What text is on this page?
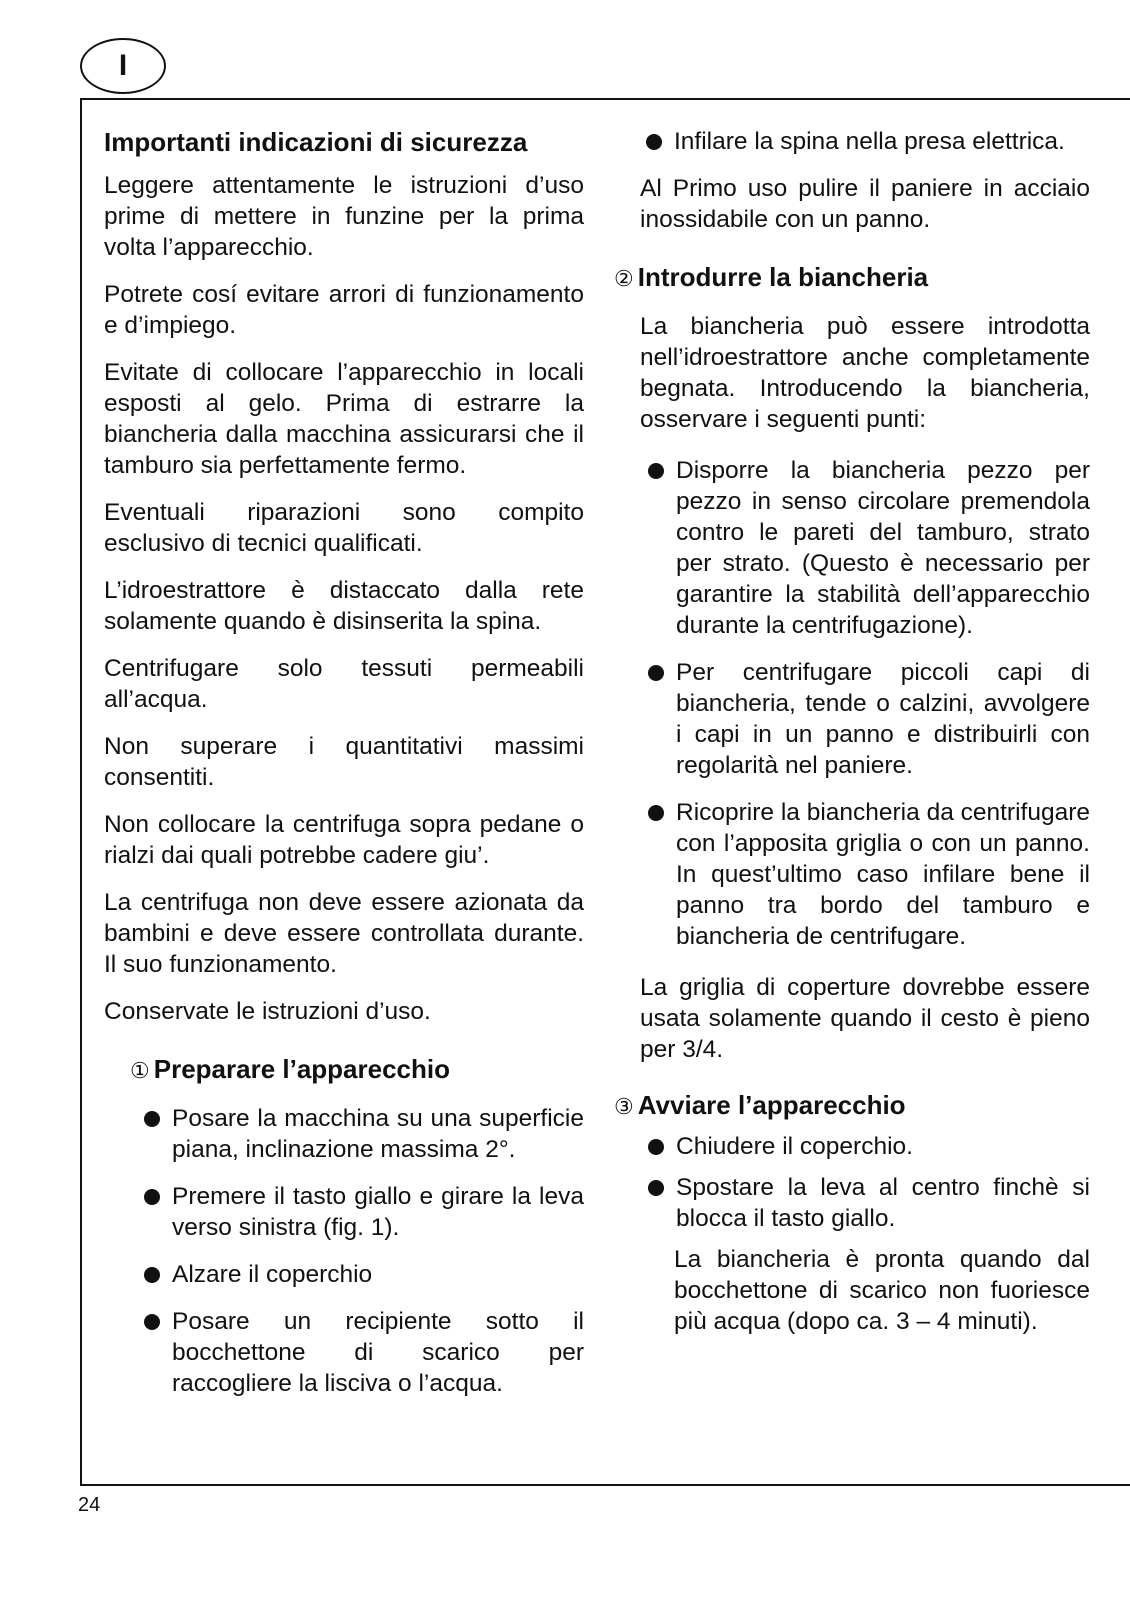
I
Importanti indicazioni di sicurezza

Leggere attentamente le istruzioni d’uso prime di mettere in funzine per la prima volta l’apparecchio.

Potrete cosí evitare arrori di funzionamento e d’impiego.

Evitate di collocare l’apparecchio in locali esposti al gelo. Prima di estrarre la biancheria dalla macchina assicurarsi che il tamburo sia perfettamente fermo.

Eventuali riparazioni sono compito esclusivo di tecnici qualificati.

L’idroestrattore è distaccato dalla rete solamente quando è disinserita la spina.

Centrifugare solo tessuti permeabili all’acqua.

Non superare i quantitativi massimi consentiti.

Non collocare la centrifuga sopra pedane o rialzi dai quali potrebbe cadere giu’.

La centrifuga non deve essere azionata da bambini e deve essere controllata durante. Il suo funzionamento.

Conservate le istruzioni d’uso.

① Preparare l’apparecchio
Posare la macchina su una superficie piana, inclinazione massima 2°.
Premere il tasto giallo e girare la leva verso sinistra (fig. 1).
Alzare il coperchio
Posare un recipiente sotto il bocchettone di scarico per raccogliere la lisciva o l’acqua.
Infilare la spina nella presa elettrica.

Al Primo uso pulire il paniere in acciaio inossidabile con un panno.

② Introdurre la biancheria

La biancheria può essere introdotta nell’idroestrattore anche completamente begnata. Introducendo la biancheria, osservare i seguenti punti:

Disporre la biancheria pezzo per pezzo in senso circolare premendola contro le pareti del tamburo, strato per strato. (Questo è necessario per garantire la stabilità dell’apparecchio durante la centrifugazione).
Per centrifugare piccoli capi di biancheria, tende o calzini, avvolgere i capi in un panno e distribuirli con regolarità nel paniere.
Ricoprire la biancheria da centrifugare con l’apposita griglia o con un panno. In quest’ultimo caso infilare bene il panno tra bordo del tamburo e biancheria de centrifugare.

La griglia di coperture dovrebbe essere usata solamente quando il cesto è pieno per 3/4.

③ Avviare l’apparecchio
Chiudere il coperchio.
Spostare la leva al centro finchè si blocca il tasto giallo.

La biancheria è pronta quando dal bocchettone di scarico non fuoriesce più acqua (dopo ca. 3 – 4 minuti).

24
